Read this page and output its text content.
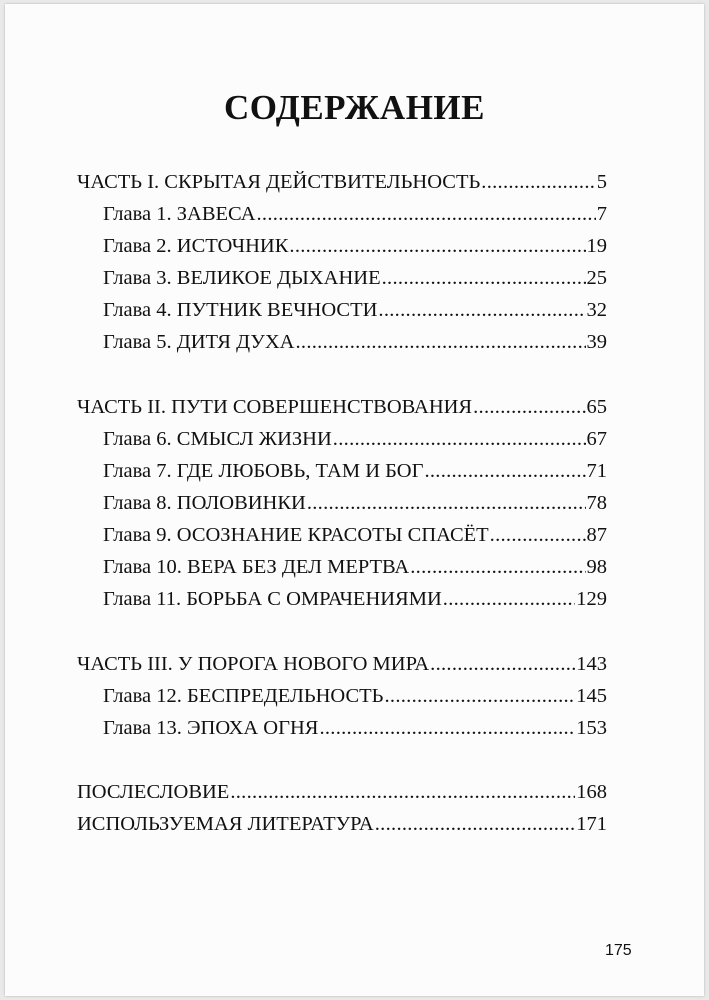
СОДЕРЖАНИЕ
ЧАСТЬ I. СКРЫТАЯ ДЕЙСТВИТЕЛЬНОСТЬ .....	5
Глава 1. ЗАВЕСА .....	7
Глава 2. ИСТОЧНИК .....	19
Глава 3. ВЕЛИКОЕ ДЫХАНИЕ .....	25
Глава 4. ПУТНИК ВЕЧНОСТИ .....	32
Глава 5. ДИТЯ ДУХА .....	39
ЧАСТЬ II. ПУТИ СОВЕРШЕНСТВОВАНИЯ .....	65
Глава 6. СМЫСЛ ЖИЗНИ .....	67
Глава 7. ГДЕ ЛЮБОВЬ, ТАМ И БОГ .....	71
Глава 8. ПОЛОВИНКИ .....	78
Глава 9. ОСОЗНАНИЕ КРАСОТЫ СПАСЁТ .....	87
Глава 10. ВЕРА БЕЗ ДЕЛ МЕРТВА .....	98
Глава 11. БОРЬБА С ОМРАЧЕНИЯМИ .....	129
ЧАСТЬ III. У ПОРОГА НОВОГО МИРА .....	143
Глава 12. БЕСПРЕДЕЛЬНОСТЬ .....	145
Глава 13. ЭПОХА ОГНЯ .....	153
ПОСЛЕСЛОВИЕ .....	168
ИСПОЛЬЗУЕМАЯ ЛИТЕРАТУРА .....	171
175
